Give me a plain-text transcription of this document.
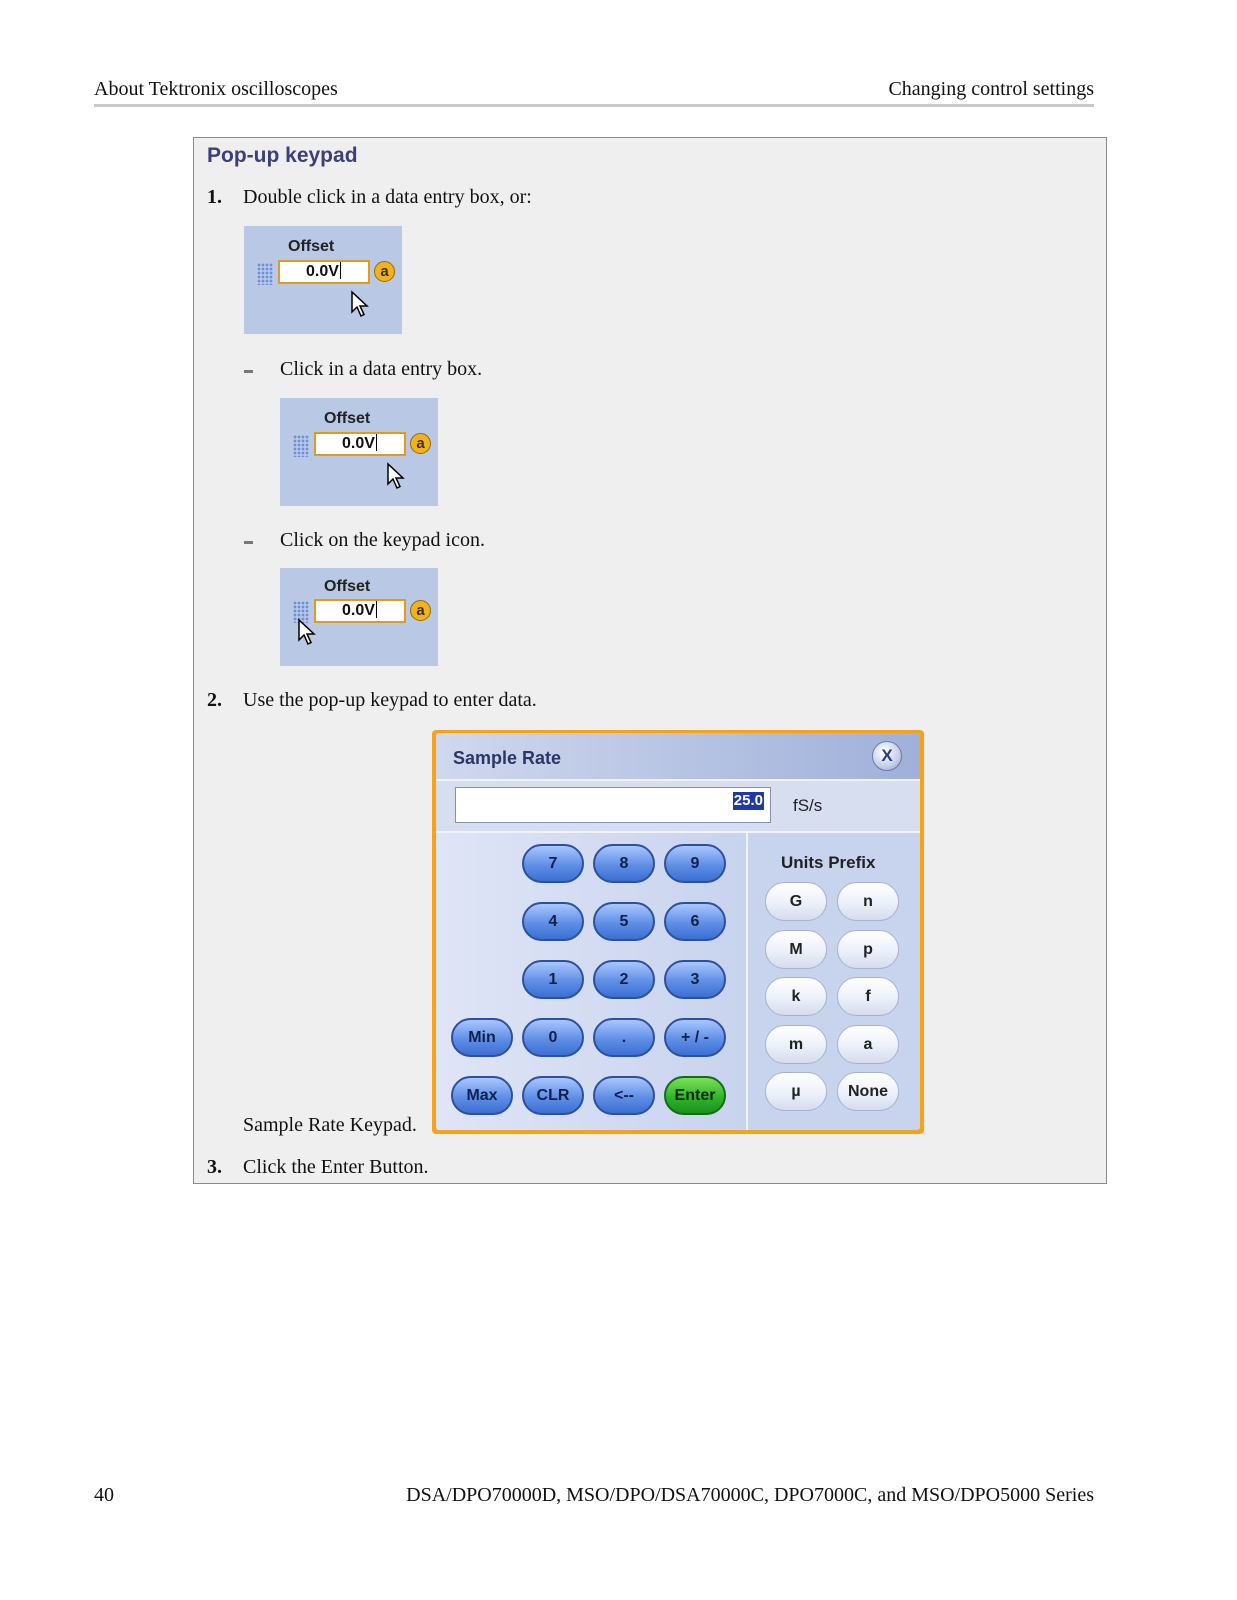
About Tektronix oscilloscopes	Changing control settings
Pop-up keypad
1. Double click in a data entry box, or:
Offset
0.0V	a
Click in a data entry box.
Offset
0.0V	a
Click on the keypad icon.
Offset
0.0V	a
2. Use the pop-up keypad to enter data.
3. Click the Enter Button.
Sample Rate Keypad.
Sample Rate	X
25.0 fS/s
Units Prefix
7	8	9
4	5	6
1	2	3
Min	0	.	+ / -
Max	CLR	<--	Enter
G	n
M	p
k	f
m	a
µ	None
40	DSA/DPO70000D, MSO/DPO/DSA70000C, DPO7000C, and MSO/DPO5000 Series
